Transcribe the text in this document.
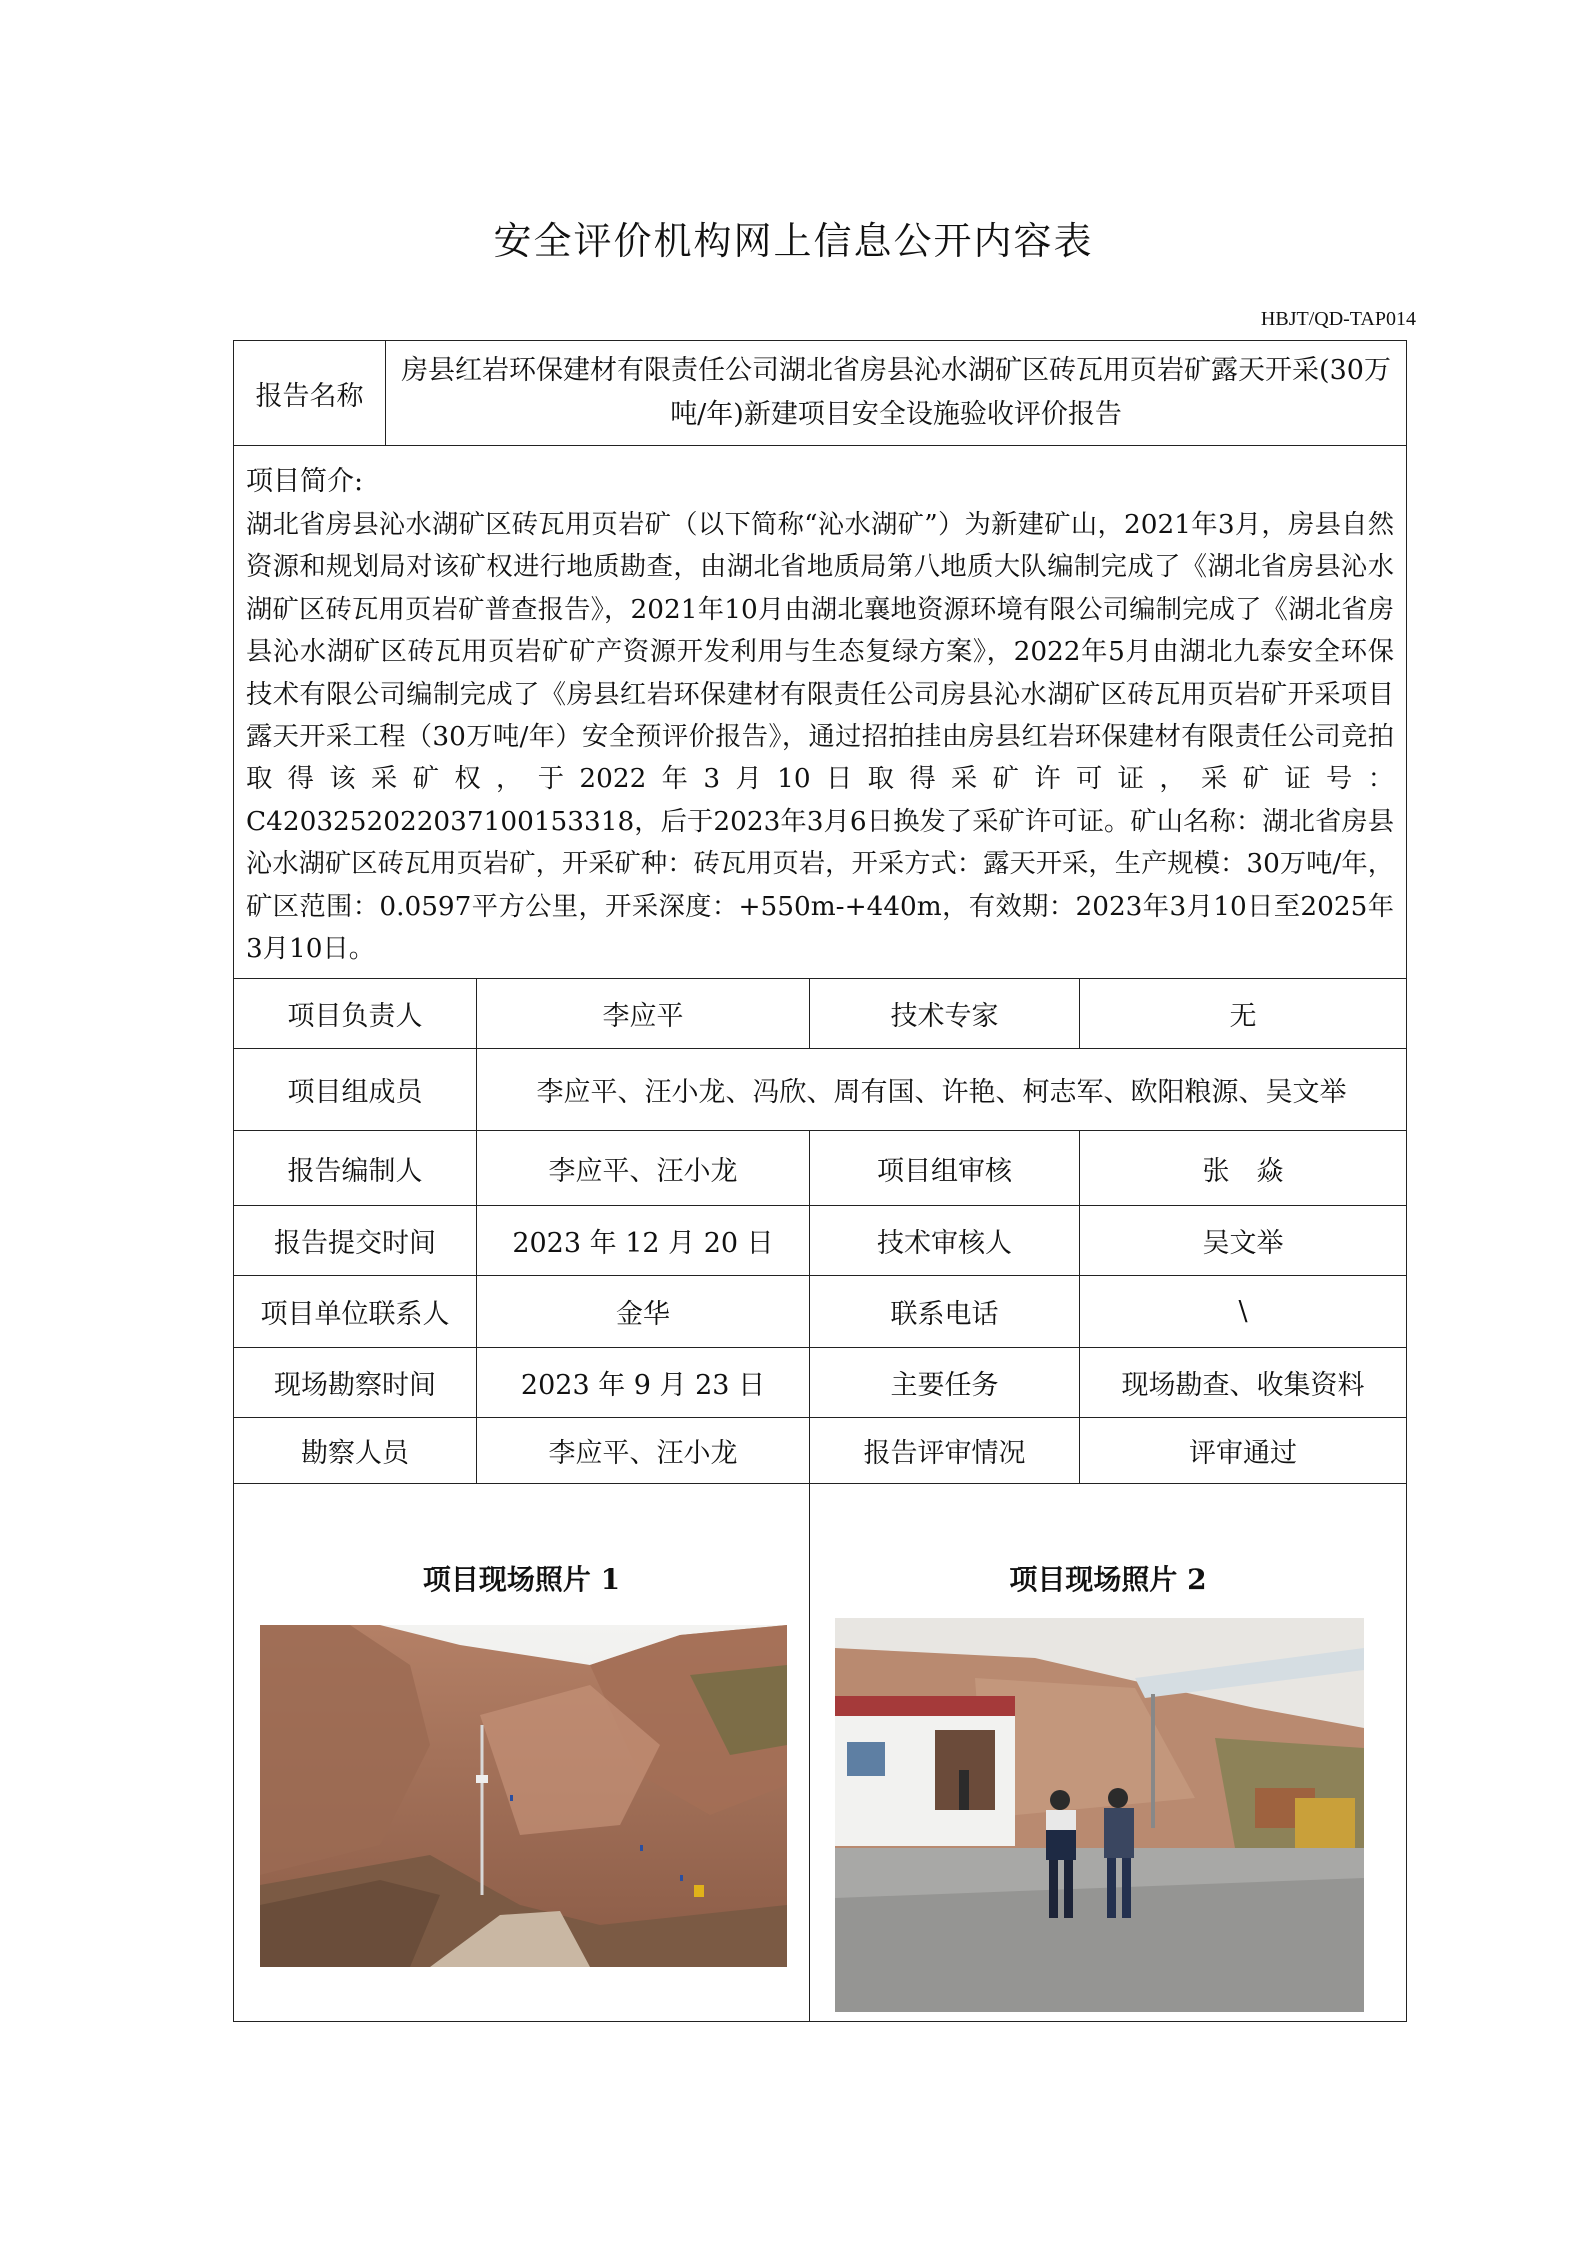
安全评价机构网上信息公开内容表
HBJT/QD-TAP014
报告名称	房县红岩环保建材有限责任公司湖北省房县沁水湖矿区砖瓦用页岩矿露天开采(30万吨/年)新建项目安全设施验收评价报告			

项目简介:
湖北省房县沁水湖矿区砖瓦用页岩矿（以下简称“沁水湖矿”）为新建矿山，2021年3月，房县自然资源和规划局对该矿权进行地质勘查，由湖北省地质局第八地质大队编制完成了《湖北省房县沁水湖矿区砖瓦用页岩矿普查报告》，2021年10月由湖北襄地资源环境有限公司编制完成了《湖北省房县沁水湖矿区砖瓦用页岩矿矿产资源开发利用与生态复绿方案》，2022年5月由湖北九泰安全环保技术有限公司编制完成了《房县红岩环保建材有限责任公司房县沁水湖矿区砖瓦用页岩矿开采项目露天开采工程（30万吨/年）安全预评价报告》，通过招拍挂由房县红岩环保建材有限责任公司竞拍取得该采矿权，于2022年3月10日取得采矿许可证，采矿证号：C4203252022037100153318，后于2023年3月6日换发了采矿许可证。矿山名称：湖北省房县沁水湖矿区砖瓦用页岩矿，开采矿种：砖瓦用页岩，开采方式：露天开采，生产规模：30万吨/年，矿区范围：0.0597平方公里，开采深度：+550m-+440m，有效期：2023年3月10日至2025年3月10日。				

项目负责人		李应平	技术专家	无
项目组成员		李应平、汪小龙、冯欣、周有国、许艳、柯志军、欧阳粮源、吴文举		
报告编制人		李应平、汪小龙	项目组审核	张　焱
报告提交时间		2023 年 12 月 20 日	技术审核人	吴文举
项目单位联系人		金华	联系电话	\
现场勘察时间		2023 年 9 月 23 日	主要任务	现场勘查、收集资料
勘察人员		李应平、汪小龙	报告评审情况	评审通过

项目现场照片 1			项目现场照片 2	
